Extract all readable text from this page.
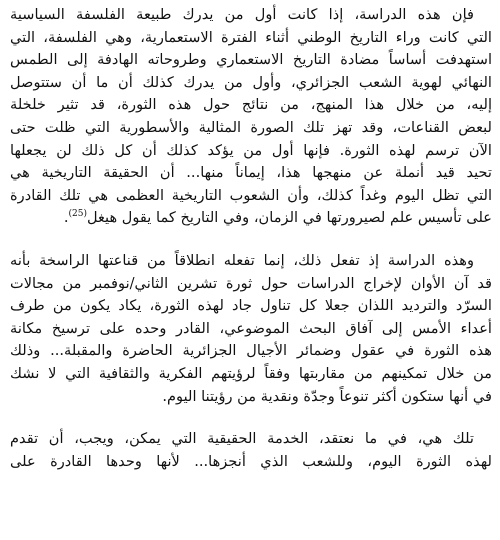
فإن هذه الدراسة، إذا كانت أول من يدرك طبيعة الفلسفة السياسية
التي كانت وراء التاريخ الوطني أثناء الفترة الاستعمارية، وهي الفلسفة، التي
استهدفت أساساً مضادة التاريخ الاستعماري وطروحاته الهادفة إلى الطمس
النهائي لهوية الشعب الجزائري، وأول من يدرك كذلك أن ما أن ستتوصل
إليه، من خلال هذا المنهج، من نتائج حول هذه الثورة، قد تثير خلخلة
لبعض القناعات، وقد تهز تلك الصورة المثالية والأسطورية التي ظلت حتى
الآن ترسم لهذه الثورة. فإنها أول من يؤكد كذلك أن كل ذلك لن يجعلها
تحيد قيد أنملة عن منهجها هذا، إيماناً منها... أن الحقيقة التاريخية هي
التي تظل اليوم وغداً كذلك، وأن الشعوب التاريخية العظمى هي تلك القادرة
على تأسيس علم لصيرورتها في الزمان، وفي التاريخ كما يقول هيغل$^{(25)}$.

وهذه الدراسة إذ تفعل ذلك، إنما تفعله انطلاقاً من قناعتها الراسخة بأنه
قد آن الأوان لإخراج الدراسات حول ثورة تشرين الثاني/نوفمبر من مجالات
السرّد والترديد اللذان جعلا كل تناول جاد لهذه الثورة، يكاد يكون من طرف
أعداء الأمس إلى آفاق البحث الموضوعي، القادر وحده على ترسيخ مكانة
هذه الثورة في عقول وضمائر الأجيال الجزائرية الحاضرة والمقبلة... وذلك
من خلال تمكينهم من مقاربتها وفقاً لرؤيتهم الفكرية والثقافية التي لا نشك
في أنها ستكون أكثر تنوعاً وجدّة ونقدية من رؤيتنا اليوم.

تلك هي، في ما نعتقد، الخدمة الحقيقية التي يمكن، ويجب، أن تقدم
لهذه الثورة اليوم، وللشعب الذي أنجزها... لأنها وحدها القادرة على
